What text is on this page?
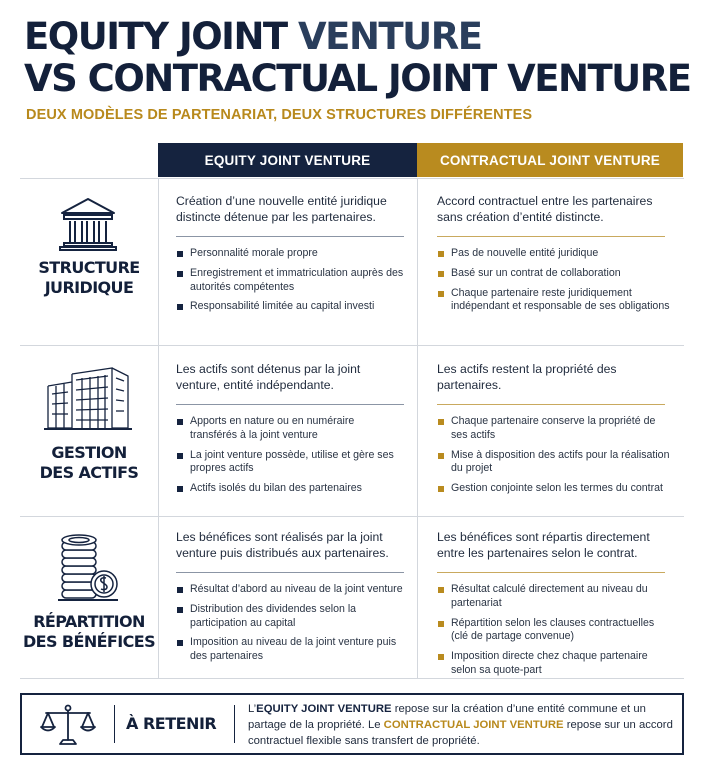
EQUITY JOINT VENTURE
VS CONTRACTUAL JOINT VENTURE
DEUX MODÈLES DE PARTENARIAT, DEUX STRUCTURES DIFFÉRENTES
EQUITY JOINT VENTURE	CONTRACTUAL JOINT VENTURE
STRUCTURE
JURIDIQUE
Création d’une nouvelle entité juridique distincte détenue par les partenaires.
Personnalité morale propre
Enregistrement et immatriculation auprès des autorités compétentes
Responsabilité limitée au capital investi
Accord contractuel entre les partenaires sans création d’entité distincte.
Pas de nouvelle entité juridique
Basé sur un contrat de collaboration
Chaque partenaire reste juridiquement indépendant et responsable de ses obligations
GESTION
DES ACTIFS
Les actifs sont détenus par la joint venture, entité indépendante.
Apports en nature ou en numéraire transférés à la joint venture
La joint venture possède, utilise et gère ses propres actifs
Actifs isolés du bilan des partenaires
Les actifs restent la propriété des partenaires.
Chaque partenaire conserve la propriété de ses actifs
Mise à disposition des actifs pour la réalisation du projet
Gestion conjointe selon les termes du contrat
RÉPARTITION
DES BÉNÉFICES
Les bénéfices sont réalisés par la joint venture puis distribués aux partenaires.
Résultat d’abord au niveau de la joint venture
Distribution des dividendes selon la participation au capital
Imposition au niveau de la joint venture puis des partenaires
Les bénéfices sont répartis directement entre les partenaires selon le contrat.
Résultat calculé directement au niveau du partenariat
Répartition selon les clauses contractuelles (clé de partage convenue)
Imposition directe chez chaque partenaire selon sa quote-part
À RETENIR
L’EQUITY JOINT VENTURE repose sur la création d’une entité commune et un partage de la propriété. Le CONTRACTUAL JOINT VENTURE repose sur un accord contractuel flexible sans transfert de propriété.
